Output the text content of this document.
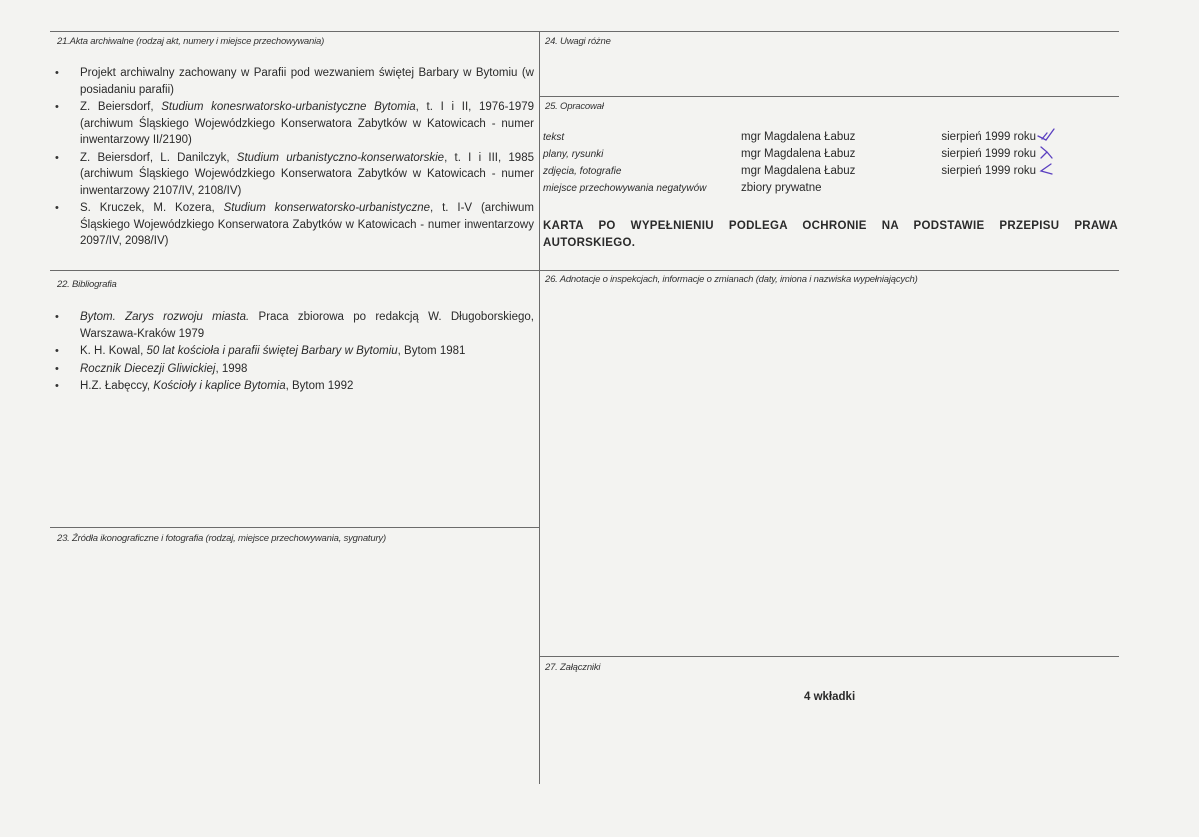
21.Akta archiwalne (rodzaj akt, numery i miejsce przechowywania)
• Projekt archiwalny zachowany w Parafii pod wezwaniem świętej Barbary w Bytomiu (w posiadaniu parafii)
• Z. Beiersdorf, Studium konesrwatorsko-urbanistyczne Bytomia, t. I i II, 1976-1979 (archiwum Śląskiego Wojewódzkiego Konserwatora Zabytków w Katowicach - numer inwentarzowy II/2190)
• Z. Beiersdorf, L. Danilczyk, Studium urbanistyczno-konserwatorskie, t. I i III, 1985 (archiwum Śląskiego Wojewódzkiego Konserwatora Zabytków w Katowicach - numer inwentarzowy 2107/IV, 2108/IV)
• S. Kruczek, M. Kozera, Studium konserwatorsko-urbanistyczne, t. I-V (archiwum Śląskiego Wojewódzkiego Konserwatora Zabytków w Katowicach - numer inwentarzowy 2097/IV, 2098/IV)
22. Bibliografia
• Bytom. Zarys rozwoju miasta. Praca zbiorowa po redakcją W. Długoborskiego, Warszawa-Kraków 1979
• K. H. Kowal, 50 lat kościoła i parafii świętej Barbary w Bytomiu, Bytom 1981
• Rocznik Diecezji Gliwickiej, 1998
• H.Z. Łabęccy, Kościoły i kaplice Bytomia, Bytom 1992
23. Źródła ikonograficzne i fotografia (rodzaj, miejsce przechowywania, sygnatury)
24. Uwagi różne
25. Opracował
tekst	mgr Magdalena Łabuz	sierpień 1999 roku
plany, rysunki	mgr Magdalena Łabuz	sierpień 1999 roku
zdjęcia, fotografie	mgr Magdalena Łabuz	sierpień 1999 roku
miejsce przechowywania negatywów	zbiory prywatne
KARTA PO WYPEŁNIENIU PODLEGA OCHRONIE NA PODSTAWIE PRZEPISU PRAWA AUTORSKIEGO.
26. Adnotacje o inspekcjach, informacje o zmianach (daty, imiona i nazwiska wypełniających)
27. Załączniki
4 wkładki
